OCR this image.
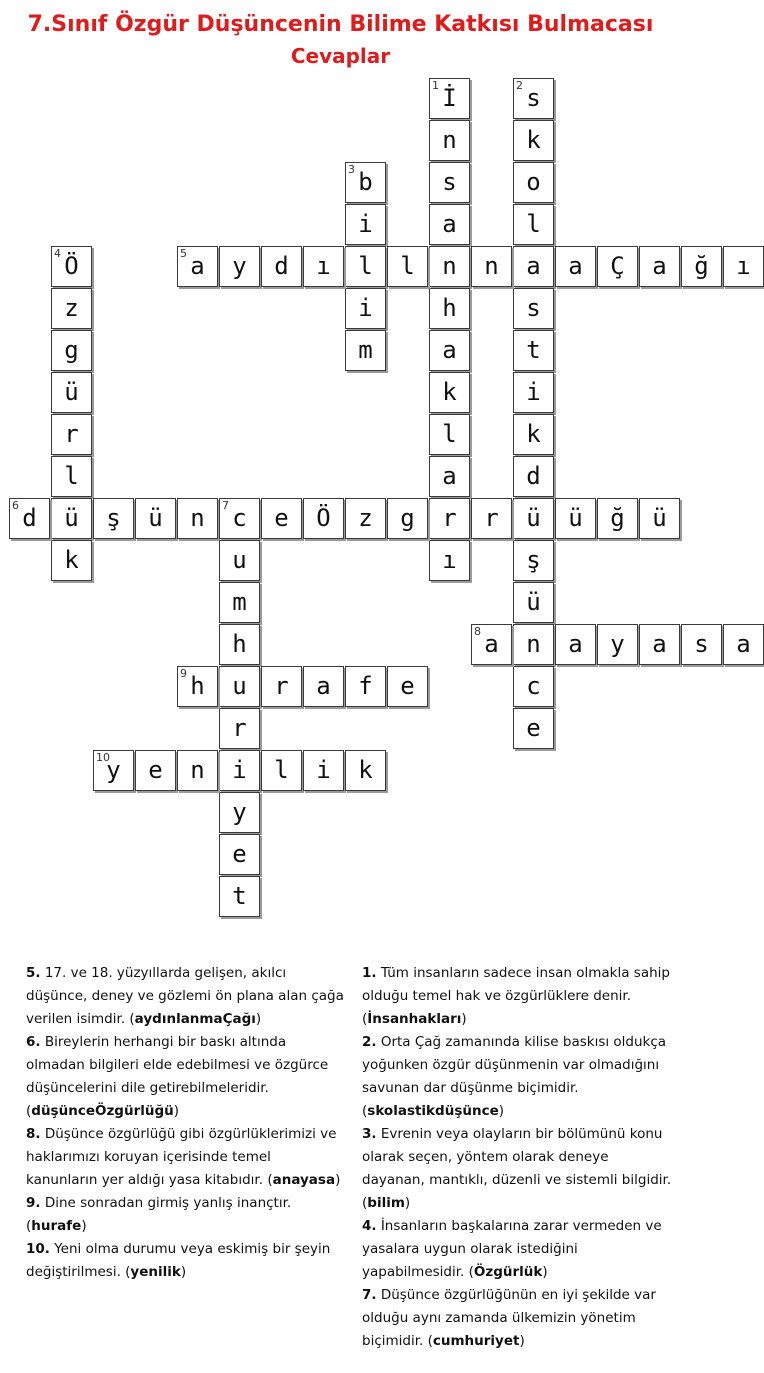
7.Sınıf Özgür Düşüncenin Bilime Katkısı Bulmacası
Cevaplar
İ
1
n
s
a
n
h
a
k
l
a
r
ı
s
2
k
o
l
a
s
t
i
k
d
ü
ş
ü
n
c
e
b
3
i
l
i
m
Ö
4
z
g
ü
r
l
ü
k
a
5	y	d	ı	l	n	a	Ç	a	ğ	ı
d
6	ş	ü	n	c
7	e	Ö	z	g	r	ü	ğ	ü
u
m
h
u
r
i
y
e
t
a
8	a	y	a	s	a
h
9	r	a	f	e
y
10	e	n	l	i	k

5. 17. ve 18. yüzyıllarda gelişen, akılcı düşünce, deney ve gözlemi ön plana alan çağa verilen isimdir. (aydınlanmaÇağı)

6. Bireylerin herhangi bir baskı altında olmadan bilgileri elde edebilmesi ve özgürce düşüncelerini dile getirebilmeleridir. (düşünceÖzgürlüğü)

8. Düşünce özgürlüğü gibi özgürlüklerimizi ve haklarımızı koruyan içerisinde temel kanunların yer aldığı yasa kitabıdır. (anayasa)

9. Dine sonradan girmiş yanlış inançtır. (hurafe)

10. Yeni olma durumu veya eskimiş bir şeyin değiştirilmesi. (yenilik)

1. Tüm insanların sadece insan olmakla sahip olduğu temel hak ve özgürlüklere denir. (İnsanhakları)

2. Orta Çağ zamanında kilise baskısı oldukça yoğunken özgür düşünmenin var olmadığını savunan dar düşünme biçimidir. (skolastikdüşünce)

3. Evrenin veya olayların bir bölümünü konu olarak seçen, yöntem olarak deneye dayanan, mantıklı, düzenli ve sistemli bilgidir. (bilim)

4. İnsanların başkalarına zarar vermeden ve yasalara uygun olarak istediğini yapabilmesidir. (Özgürlük)

7. Düşünce özgürlüğünün en iyi şekilde var olduğu aynı zamanda ülkemizin yönetim biçimidir. (cumhuriyet)
